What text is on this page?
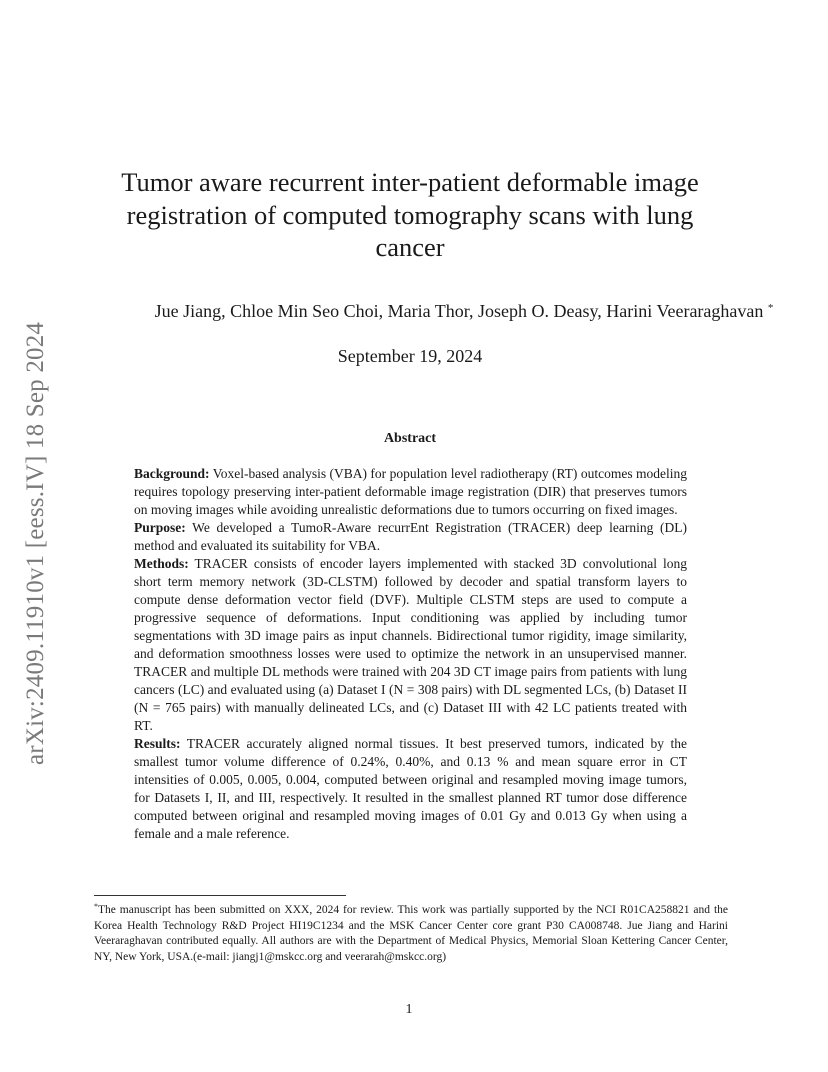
arXiv:2409.11910v1 [eess.IV] 18 Sep 2024
Tumor aware recurrent inter-patient deformable image registration of computed tomography scans with lung cancer
Jue Jiang, Chloe Min Seo Choi, Maria Thor, Joseph O. Deasy, Harini Veeraraghavan *
September 19, 2024
Abstract

Background: Voxel-based analysis (VBA) for population level radiotherapy (RT) outcomes modeling requires topology preserving inter-patient deformable image registration (DIR) that preserves tumors on moving images while avoiding unrealistic deformations due to tumors occurring on fixed images.

Purpose: We developed a TumoR-Aware recurrEnt Registration (TRACER) deep learning (DL) method and evaluated its suitability for VBA.

Methods: TRACER consists of encoder layers implemented with stacked 3D convolutional long short term memory network (3D-CLSTM) followed by decoder and spatial transform layers to compute dense deformation vector field (DVF). Multiple CLSTM steps are used to compute a progressive sequence of deformations. Input conditioning was applied by including tumor segmentations with 3D image pairs as input channels. Bidirectional tumor rigidity, image similarity, and deformation smoothness losses were used to optimize the network in an unsupervised manner. TRACER and multiple DL methods were trained with 204 3D CT image pairs from patients with lung cancers (LC) and evaluated using (a) Dataset I (N = 308 pairs) with DL segmented LCs, (b) Dataset II (N = 765 pairs) with manually delineated LCs, and (c) Dataset III with 42 LC patients treated with RT.

Results: TRACER accurately aligned normal tissues. It best preserved tumors, indicated by the smallest tumor volume difference of 0.24%, 0.40%, and 0.13 % and mean square error in CT intensities of 0.005, 0.005, 0.004, computed between original and resampled moving image tumors, for Datasets I, II, and III, respectively. It resulted in the smallest planned RT tumor dose difference computed between original and resampled moving images of 0.01 Gy and 0.013 Gy when using a female and a male reference.

*The manuscript has been submitted on XXX, 2024 for review. This work was partially supported by the NCI R01CA258821 and the Korea Health Technology R&D Project HI19C1234 and the MSK Cancer Center core grant P30 CA008748. Jue Jiang and Harini Veeraraghavan contributed equally. All authors are with the Department of Medical Physics, Memorial Sloan Kettering Cancer Center, NY, New York, USA.(e-mail: jiangj1@mskcc.org and veerarah@mskcc.org)
1
